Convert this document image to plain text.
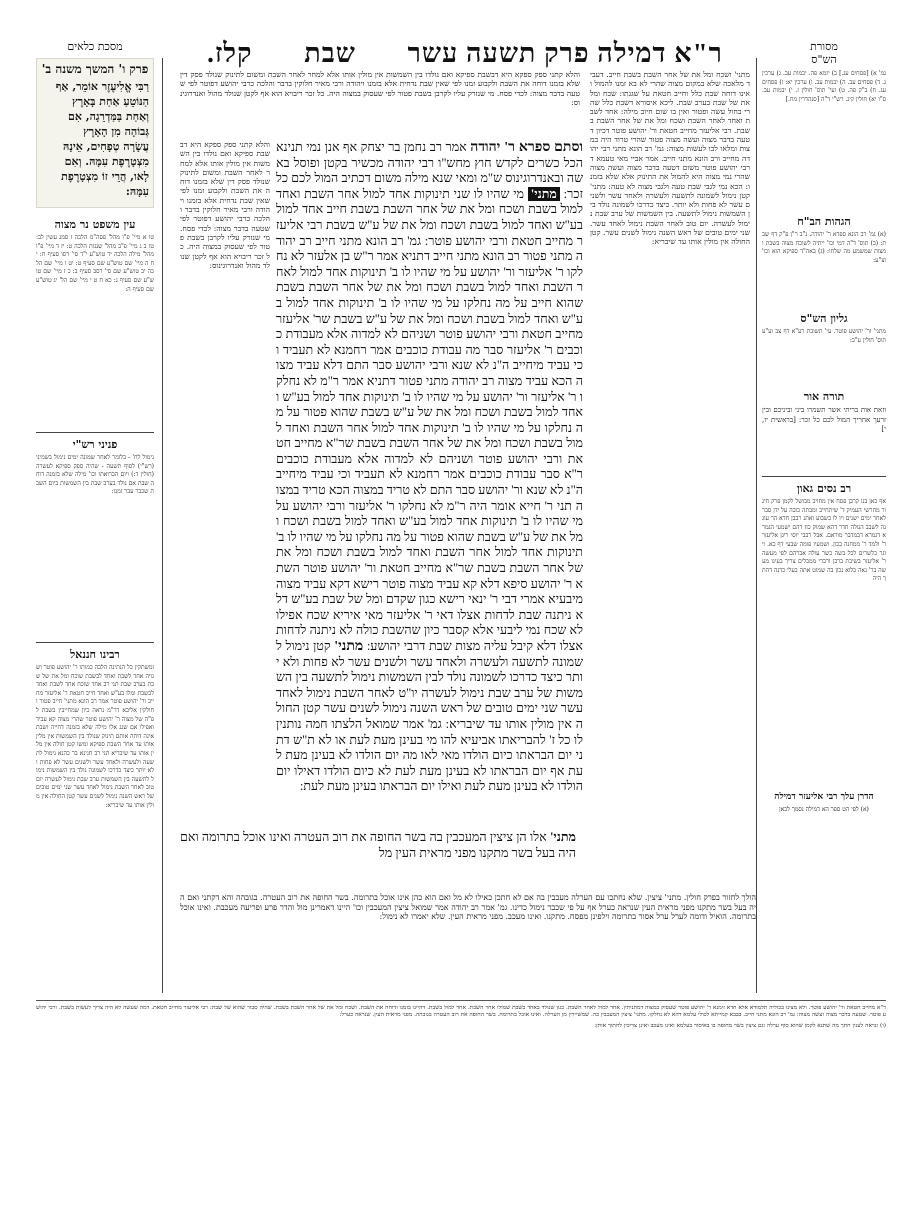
ר"א דמילה פרק תשעה עשר שבת קלז.
מסכת כלאים	מסורת
הש"ס
פרק ו' המשך משנה ב'
רַבִּי אֱלִיעֶזֶר אוֹמֵר, אַף
הַנּוֹטֵעַ אַחַת בָּאָרֶץ
וְאַחַת בַּמַּדְרֵגָה, אִם
גְּבוֹהָה מִן הָאָרֶץ
עֲשָׂרָה טְפָחִים, אֵינָהּ
מִצְטָרֶפֶת עִמָּהּ. וְאִם
לָאו, הֲרֵי זוֹ מִצְטָרֶפֶת
עִמָּהּ:
עין משפט נר מצוה
טו א מיי' פ"ו מהל' פסה"מ הלכה ז סמג עשין לב: טז ב ג מיי' פ"ב מהל' שגגות הלכה ט: יז ד מיי' פ"ו מהל' מילה הלכה יד טוש"ע י"ד סי' רסו סעיף ח: יח ה מיי' שם טוש"ע שם סעיף ט: יט ו מיי' שם הלכה יב טוש"ע שם סי' רסב סעיף ב: כ ז מיי' שם טוש"ע שם סעיף ג: כא ח ט י מיי' שם הל' יג טוש"ע שם סעיף ה:
פניני רש"י
נימול לח' - בלומר לאחר שמונה ימים נימול בשמיני (רש"י) לסוף תשעה - שהיה ספק ספיקא לעשרה (חולין ד:) ויום הברואתו וכו' מילה שלא בזמנה דוחה שבת אם נולד בערב שבת בין השמשות ביום השבת שכבר עבר זמנו:
רבינו חננאל
ומשתקין כל הנתינה הלבה כמותו ר' יהושע פוטר ושנויה אחד לשבת ואחד לבשבת שוכח ומל את של שבת בערב שבת תני רב אחד שוכח אחד לשבת ואחד לבשבת ומלו בע"ש ואחד חייב חטאת ר' אליעזר מחייב ור' יהושע פוטר אמר רב הונא מתני' חייב פטור וחולקין אליבא דר"מ נראה כיון שמחייבין בשבת לפ"ה של מצוה ר' יהושע פוטר שהרי מצוה קא עביד ואפילו אם שגג אלו מילה שלא בזמנה דחייה ושבת אינה דוחה אותם תינוק שנולד בין השמשות אין מלין אותו עד אחר השבת ספיקא ומשו קטן חולה אין מלין אותו עד שיבריא תני רב חנינא בר כהנא נימול לתשעה ולעשרה ולאחד עשר ולשנים עשר לא פחות ולא יותר כיצד כדרכו לשמונה נולד בין השמשות נימול לתשעה בין השמשות ערב שבת נימול לעשרה יום טוב לאחר השבת נימול לאחד עשר שני ימים טובים של ראש השנה נימול לשנים עשר קטן החולה אין מולין אותו עד שיבריא:
גמ' א) [פסחים עג.] ב) יומא פה. יבמות עב. ג) ערכין ג. ד) פסחים עב. ה) יבמות עב. ו) ערכין יא: ז) פסחים עג. ח) ב"ק פה. ט) ועי' תוס' חולין ז. י) יבמות עב. ס"ו יא) חולין קיג. רש"י ד"ה [סנהדרין מח.]
הגהות הב"ח
(א) גמ' רב הונא ספרא ר' יהודה. נ"ב ר"ן פ"ק דף שבת: (ב) תוס' ד"ה דמי וכו' ייתיה לשוכח מצוה בשבת ומצות שמשמע מה שלחו: (ג) באה"ד ספיקא הוא וכו' וצ"ע:
גליון הש"ס
מתני' ור' יהושע פוטר. עי' תשובת רע"א דף צב וע"ע תוס' חולין ע"ב:
תורה אור
וזאת אות בריתי אשר תשמרו ביני וביניכם ובין זרעך אחריך המול לכם כל זכר: [בראשית יז, י]
רב נסים גאון
אף כאן בנו קרבן פסח אין מחויב מבושל לקמן פרק חיגור מחרשי העמיק ד' שיתחייב ומבתה כובה על ידן סבר לאחר ימים ישנים ויו לו בשבוע ואתנ רבבן חדא הר עוגנה לשבב הגולה חדר דהא שמוק כוז דהם ישמעי הגמרא דגמרא דבמדבר מוראם. אבל רבבי יוסי ריגן אליעזר ר' ולמד ר' ממחנה בכון. ושמעיו פומה שבעי דף כא. ויוגר כלשרים לכל בשה כשר עולה אברהם לפי מעשה ר' אליעזר בשיבת ברבן ורברי ממכלים צריך בעינו מעשה בר' נאה כלוא נכון בה שמוט אתה בעלי כדנה דהתך היה
הדרן עלך רבי אליעזר דמילה
(א) לפי הט ספר הא דמילה נסמך לכאן
והלא קתני ספק ספקא היא דבשבת ספיקא ואם נולדו בין השמשות אין מולין אותו אלא למחר לאחר השבת ומשום לתינוק שנולד פסק דין שלא בזמנו דוחה את השבת ולקבוע זמנו לפי שאין שבת נדחית אלא בזמנו ויהודה ורבי מאיר חלוקין בדבר והלכה כרבי יהושע דפוטר לפי שטעה בדבר מצוה: לכדי פסח. מי שנזרק עליו לקרבן בשבת פטור לפי שעסוק במצוה היה. כל זכר ריבויא הוא אף לקטן שנולד מהול ואנדרוגינוס:
מתני' ושכח ומל את של אחר השבת בשבת חייב. דעביד מלאכה שלא במקום מצוה שהרי לא בא זמנו להמול ואינו דוחה שבת כלל וחייב חטאת על שגגתו: שכח ומל את של שבת בערב שבת. ליכא איסורא דשבת כלל שהרי בחול עשה ופטור ואין בו שום חיוב מילה: אחד לשבת ואחד לאחר השבת ושכח ומל את של אחר השבת בשבת. רבי אליעזר מחייב חטאת ור' יהושע פוטר דכיון דטעה בדבר מצוה ועשה מצוה פטור שהרי טרוד היה במצות ומלאו לבו לעשות מצוה: גמ' רב הונא מתני רבי יהודה מחייב ורב הונא מתני חייב. אמר אביי מאי טעמא דרבי יהושע פוטר משום דטעה בדבר מצוה ועשה מצוה שהרי נמי מצוה היא להמול את התינוק אלא שלא בזמנו: הכא נמי לגבי שבת טעה ולגבי מצוה לא טעה: מתני' קטן נימול לשמונה לתשעה ולעשרה ולאחד עשר ולשנים עשר לא פחות ולא יותר. כיצד כדרכו לשמונה נולד בין השמשות נימול לתשעה. בין השמשות של ערב שבת נימול לעשרה. יום טוב לאחר השבת נימול לאחד עשר. שני ימים טובים של ראש השנה נימול לשנים עשר. קטן החולה אין מולין אותו עד שיבריא:
והלא קתני ספק ספקא היא דבשבת ספיקא ואם נולדו בין השמשות אין מולין אותו אלא למחר לאחר השבת ומשום לתינוק שנולד פסק דין שלא בזמנו דוחה את השבת ולקבוע זמנו לפי שאין שבת נדחית אלא בזמנו ויהודה ורבי מאיר חלוקין בדבר והלכה כרבי יהושע דפוטר לפי שטעה בדבר מצוה: לכדי פסח. מי שנזרק עליו לקרבן בשבת פטור לפי שעסוק במצוה היה. כל זכר ריבויא הוא אף לקטן שנולד מהול ואנדרוגינוס:
וסתם ספרא ר' יהודה אמר רב נחמן בר יצחק אף אנן נמי תנינא הכל כשרים לקדש חוץ מחש"ו רבי יהודה מכשיר בקטן ופוסל באשה ובאנדרוגינוס ש"מ ומאי שנא מילה משום דכתיב המול לכם כל זכר: מתני' מי שהיו לו שני תינוקות אחד למול אחר השבת ואחד למול בשבת ושכח ומל את של אחר השבת בשבת חייב אחד למול בע"ש ואחד למול בשבת ושכח ומל את של ע"ש בשבת רבי אליעזר מחייב חטאת ורבי יהושע פוטר: גמ' רב הונא מתני חייב רב יהודה מתני פטור רב הונא מתני חייב דתניא אמר ר"ש בן אלעזר לא נחלקו ר' אליעזר ור' יהושע על מי שהיו לו ב' תינוקות אחד למול לאחר השבת ואחד למול בשבת ושכח ומל את של אחר השבת בשבת שהוא חייב על מה נחלקו על מי שהיו לו ב' תינוקות אחד למול בע"ש ואחד למול בשבת ושכח ומל את של ע"ש בשבת שר' אליעזר מחייב חטאת ורבי יהושע פוטר ושניהם לא למדוה אלא מעבודת כוכבים ר' אליעזר סבר מה עבודת כוכבים אמר רחמנא לא תעביד וכי עביד מיחייב ה"נ לא שנא ורבי יהושע סבר התם דלא עביד מצוה הכא עביד מצוה רב יהודה מתני פטור דתניא אמר ר"מ לא נחלקו ר' אליעזר ור' יהושע על מי שהיו לו ב' תינוקות אחד למול בע"ש ואחד למול בשבת ושכח ומל את של ע"ש בשבת שהוא פטור על מה נחלקו על מי שהיו לו ב' תינוקות אחד למול אחר השבת ואחד למול בשבת ושכח ומל את של אחר השבת בשבת שר"א מחייב חטאת ורבי יהושע פוטר ושניהם לא למדוה אלא מעבודת כוכבים ר"א סבר עבודת כוכבים אמר רחמנא לא תעביד וכי עביד מיחייב ה"נ לא שנא ור' יהושע סבר התם לא טריד במצוה הכא טריד במצוה תני ר' חייא אומר היה ר"מ לא נחלקו ר' אליעזר ורבי יהושע על מי שהיו לו ב' תינוקות אחד למול בע"ש ואחד למול בשבת ושכח ומל את של ע"ש בשבת שהוא פטור על מה נחלקו על מי שהיו לו ב' תינוקות אחד למול אחר השבת ואחד למול בשבת ושכח ומל את של אחר השבת בשבת שר"א מחייב חטאת ור' יהושע פוטר השתא ר' יהושע סיפא דלא קא עביד מצוה פוטר רישא דקא עביד מצוה מיבעיא אמרי דבי ר' ינאי רישא כגון שקדם ומל של שבת בע"ש דלא ניתנה שבת לדחות אצלו דאי ר' אליעזר מאי איריא שכח אפילו לא שכח נמי ליבעי אלא קסבר כיון שהשבת כולה לא ניתנה לדחות אצלו דלא קיבל עליה מצות שבת דרבי יהושע: מתני' קטן נימול לשמונה לתשעה ולעשרה ולאחד עשר ולשנים עשר לא פחות ולא יותר כיצד כדרכו לשמונה נולד לבין השמשות נימול לתשעה בין השמשות של ערב שבת נימול לעשרה יו"ט לאחר השבת נימול לאחד עשר שני ימים טובים של ראש השנה נימול לשנים עשר קטן החולה אין מולין אותו עד שיבריא: גמ' אמר שמואל הלצתו חמה נותנין לו כל ז' להבריאתו אביעיא להו מי בעינן מעת לעת או לא ת"ש דתני יום הבראתו כיום הולדו מאי לאו מה יום הולדו לא בעינן מעת לעת אף יום הבראתו לא בעינן מעת לעת לא כיום הולדו דאילו יום הולדו לא בעינן מעת לעת ואילו יום הבראתו בעינן מעת לעת:
מתני' אלו הן ציצין המעכבין בה בשר החופה את רוב העטרה ואינו אוכל בתרומה ואם היה בעל בשר מתקנו מפני מראית העין מל
הולך לחזור בפרק חולין. מתני' ציצין. שלא נחתכו עם הערלה מעכבין בה אם לא חתכן כאילו לא מל ואם הוא כהן אינו אוכל בתרומה. בשר החופה את רוב העטרה. בגובהה והא דקתני ואם היה בעל בשר מתקנו מפני מראית העין שנראה כערל אף על פי שכבר נימול כדינו. גמ' אמר רב יהודה אמר שמואל ציצין המעכבין וכו' היינו דאמרינן מול והדר פרע ופריעה מעכבת. ואינו אוכל בתרומה. הואיל ודומה לערל ערל אסור בתרומה וילפינן מפסח. מתקנו. ואינו מעכב. מפני מראית העין. שלא יאמרו לא נימול:
ר"א מחייב חטאת ור' יהושע פוטר. ולא מצינו בכוליה תלמודא אלא חדא זימנא ר' יהושע פוטר שעסוק במצוה דמתניתין. אחד למול לאחר השבת. כגון שנולד באחד בשבת שמולו אחר השבת. אחד למול בשבת. דהיינו בזמנו ודוחה את השבת. ושכח ומל את של אחר השבת בשבת. שהיה סבור שהוא של שבת: רבי אליעזר מחייב חטאת. דמה שעשה לא היה צריך לעשות בשבת. ורבי יהושע פוטר. שטעה בדבר מצוה ועשה מצוה: גמ' רב הונא מתני חייב. בבבא קמייתא לכולי עלמא דהא לא נחלקו. מתני' ציצין המעכבין בה. שמשיירין מן הערלה. ואינו אוכל בתרומה. בשר החופה את רוב העטרה בגובהה. מפני מראית העין. שנראה כערל:
(ו) ונראה לענין חתך מה שתנא לקמן שהוא סוף ערלה וגם ציצין בשר מחופה בו באיסור בעלמא ואינו מעכב ואינן צריכין לחתוך אותן:
